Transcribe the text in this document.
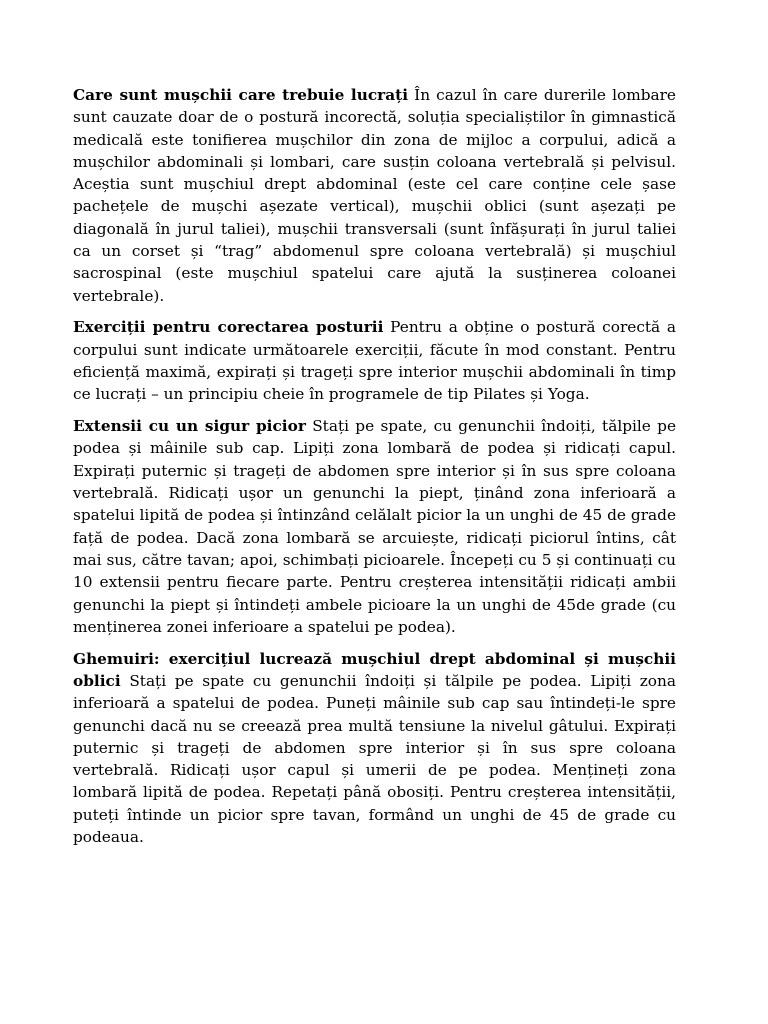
Care sunt mușchii care trebuie lucrați În cazul în care durerile lombare sunt cauzate doar de o postură incorectă, soluția specialiștilor în gimnastică medicală este tonifierea mușchilor din zona de mijloc a corpului, adică a mușchilor abdominali și lombari, care susțin coloana vertebrală și pelvisul. Aceștia sunt mușchiul drept abdominal (este cel care conține cele șase pachețele de mușchi așezate vertical), mușchii oblici (sunt așezați pe diagonală în jurul taliei), mușchii transversali (sunt înfășurați în jurul taliei ca un corset și “trag” abdomenul spre coloana vertebrală) și mușchiul sacrospinal (este mușchiul spatelui care ajută la susținerea coloanei vertebrale).

Exerciții pentru corectarea posturii Pentru a obține o postură corectă a corpului sunt indicate următoarele exerciții, făcute în mod constant. Pentru eficiență maximă, expirați și trageți spre interior mușchii abdominali în timp ce lucrați – un principiu cheie în programele de tip Pilates și Yoga.

Extensii cu un sigur picior Stați pe spate, cu genunchii îndoiți, tălpile pe podea și mâinile sub cap. Lipiți zona lombară de podea și ridicați capul. Expirați puternic și trageți de abdomen spre interior și în sus spre coloana vertebrală. Ridicați ușor un genunchi la piept, ținând zona inferioară a spatelui lipită de podea și întinzând celălalt picior la un unghi de 45 de grade față de podea. Dacă zona lombară se arcuiește, ridicați piciorul întins, cât mai sus, către tavan; apoi, schimbați picioarele. Începeți cu 5 și continuați cu 10 extensii pentru fiecare parte. Pentru creșterea intensității ridicați ambii genunchi la piept și întindeți ambele picioare la un unghi de 45de grade (cu menținerea zonei inferioare a spatelui pe podea).

Ghemuiri: exercițiul lucrează mușchiul drept abdominal și mușchii oblici Stați pe spate cu genunchii îndoiți și tălpile pe podea. Lipiți zona inferioară a spatelui de podea. Puneți mâinile sub cap sau întindeți-le spre genunchi dacă nu se creează prea multă tensiune la nivelul gâtului. Expirați puternic și trageți de abdomen spre interior și în sus spre coloana vertebrală. Ridicați ușor capul și umerii de pe podea. Mențineți zona lombară lipită de podea. Repetați până obosiți. Pentru creșterea intensității, puteți întinde un picior spre tavan, formând un unghi de 45 de grade cu podeaua.
